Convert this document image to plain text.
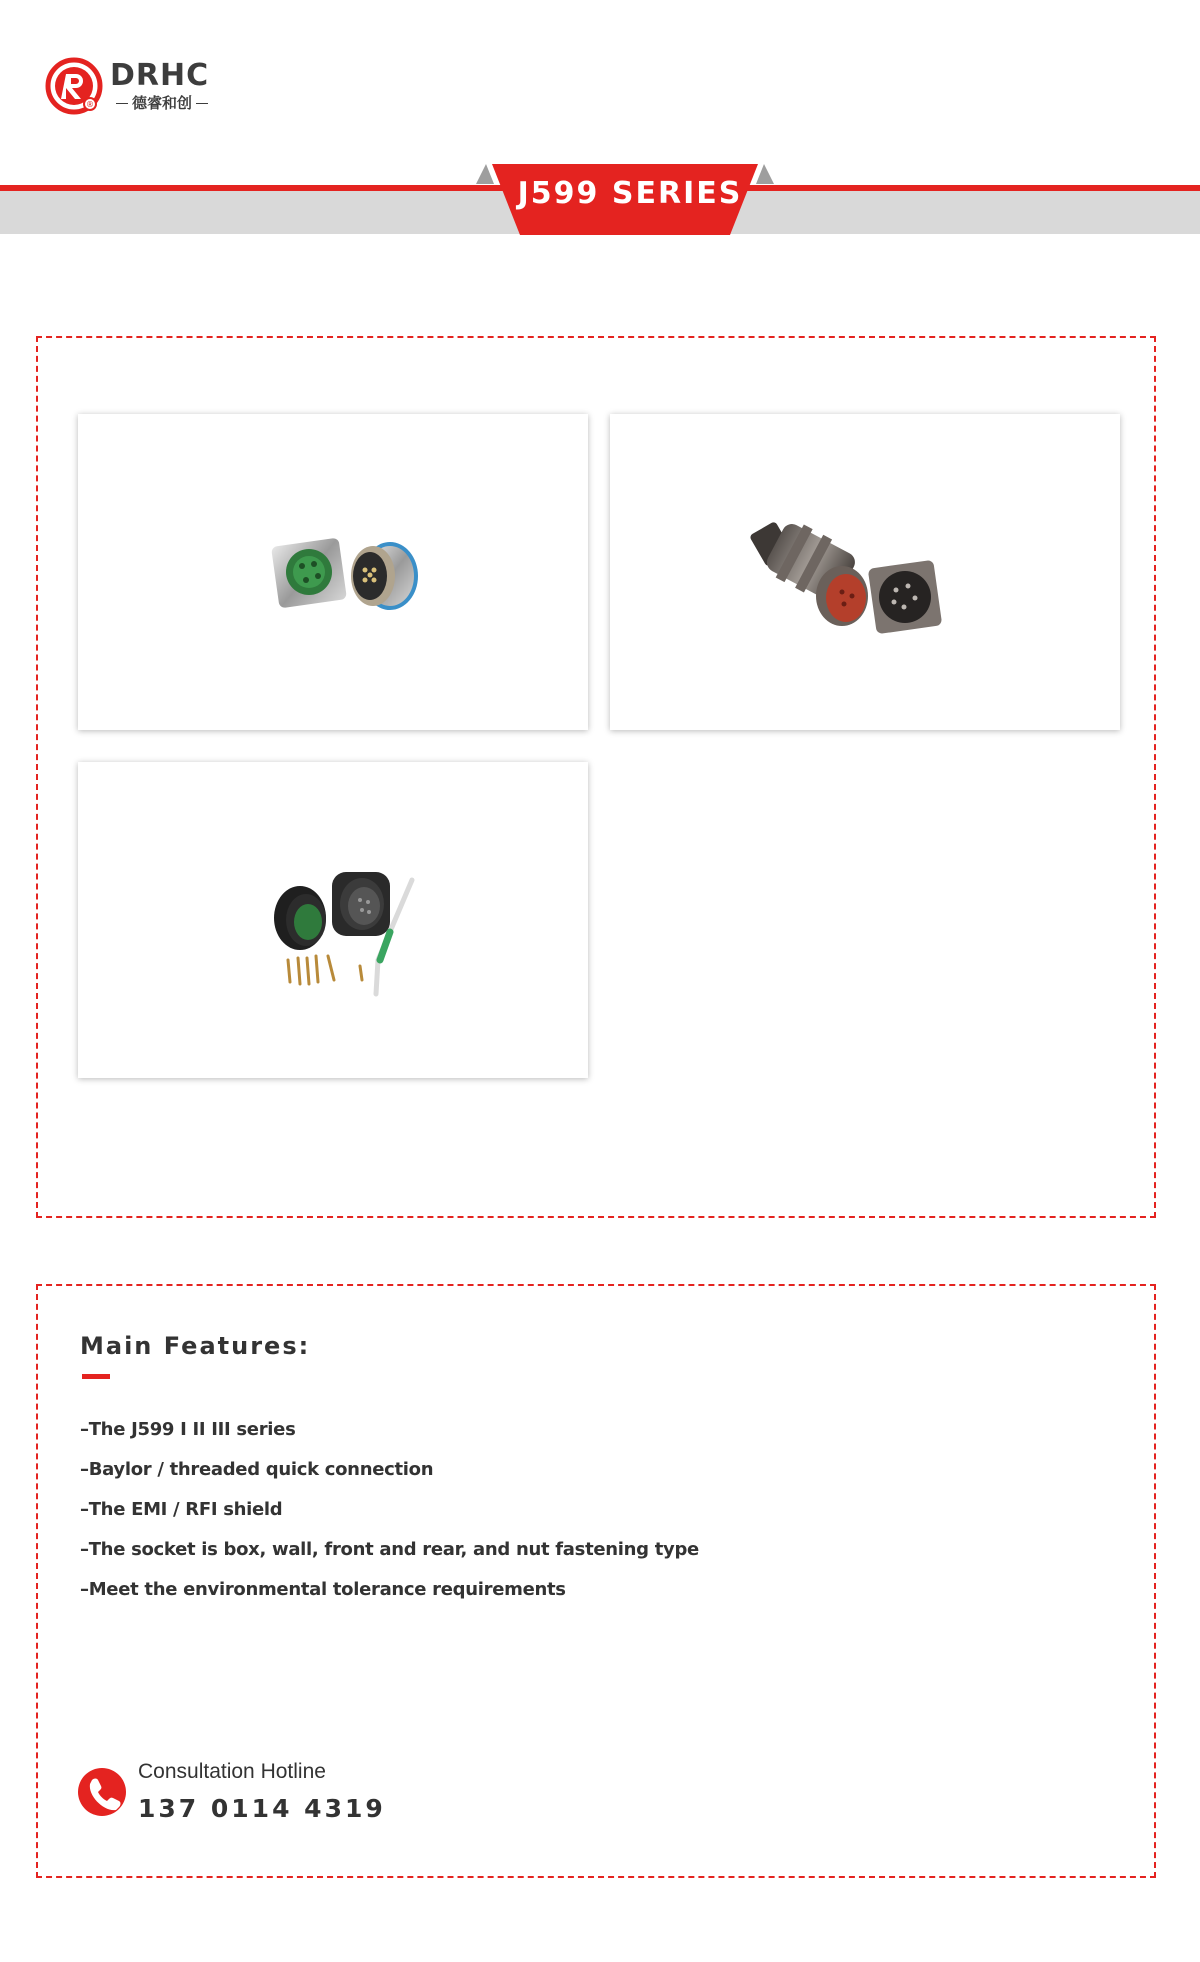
®
DRHC
德睿和创
J599 SERIES
Main Features:
–The J599 I II III series
–Baylor / threaded quick connection
–The EMI / RFI shield
–The socket is box, wall, front and rear, and nut fastening type
–Meet the environmental tolerance requirements
Consultation Hotline
137 0114 4319
